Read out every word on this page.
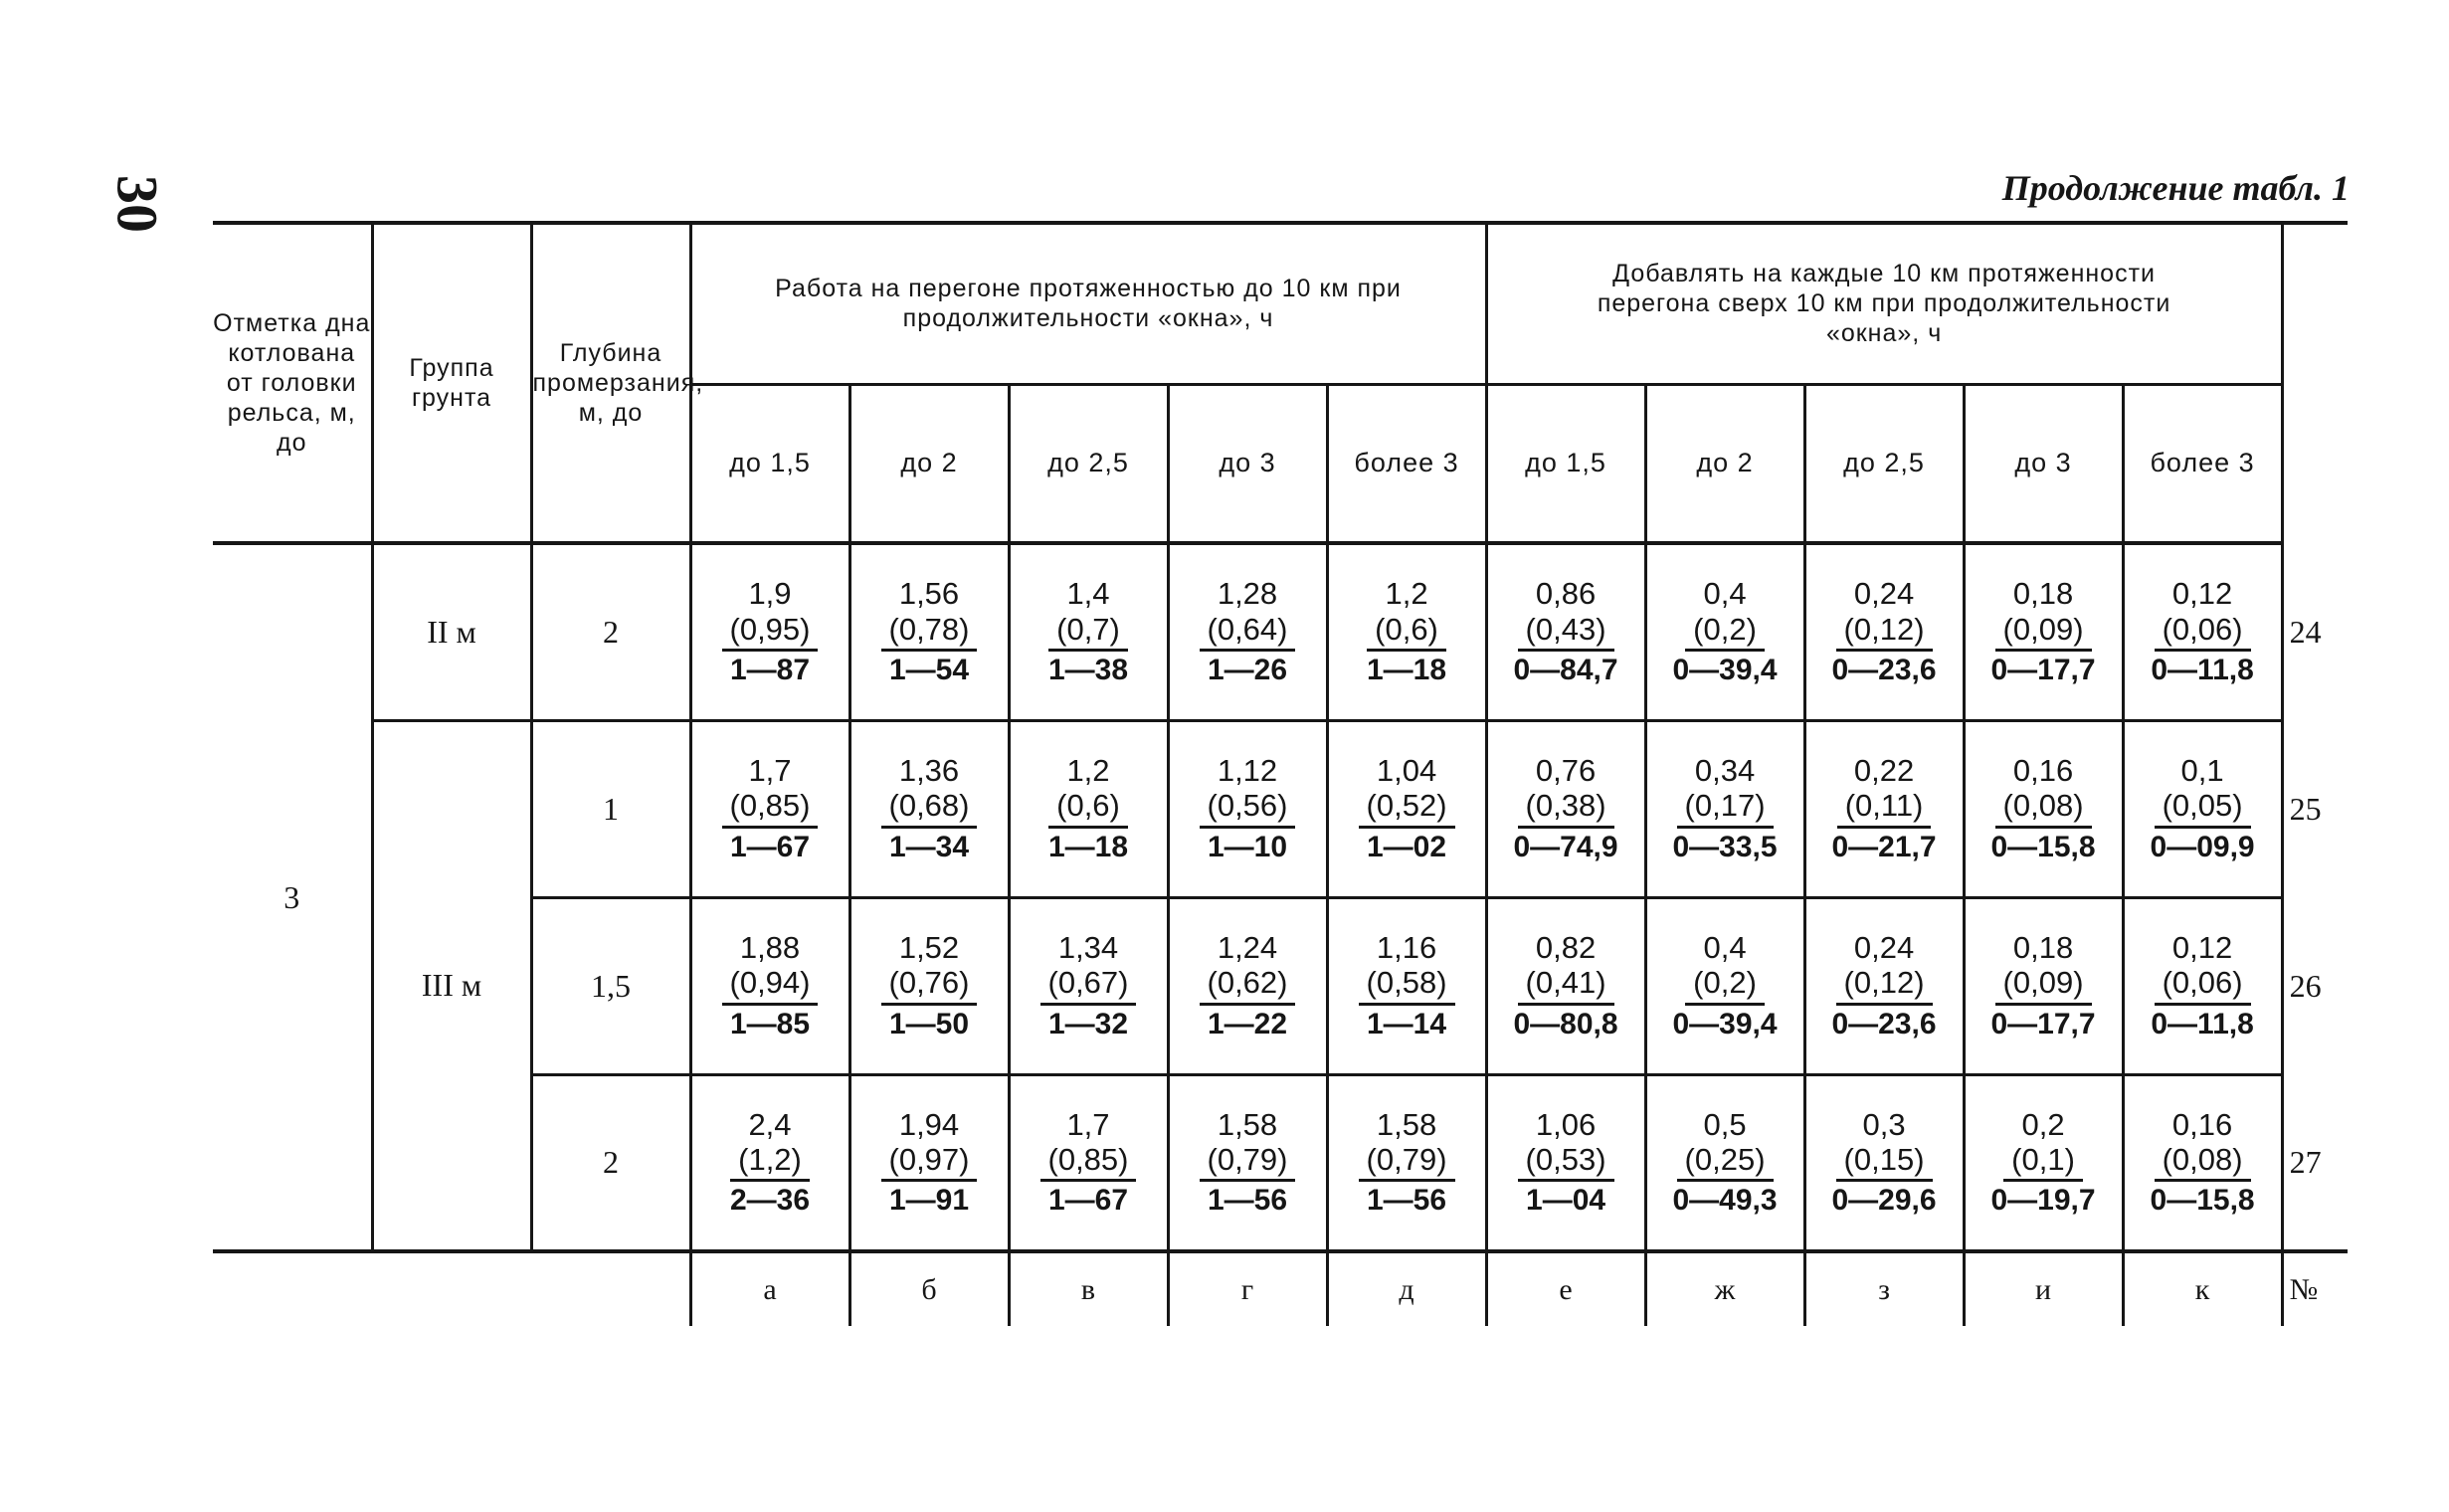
30	Продолжение табл. 1
Отметка дна котлована от головки рельса, м, до	Группа грунта	Глубина промерзания, м, до	Работа на перегоне протяженностью до 10 км при продолжительности «окна», ч					Добавлять на каждые 10 км протяженности перегона сверх 10 км при продолжительности «окна», ч					
			до 1,5	до 2	до 2,5	до 3	более 3	до 1,5	до 2	до 2,5	до 3	более 3	
3	II м	2	1,9
(0,95)
1—87	1,56
(0,78)
1—54	1,4
(0,7)
1—38	1,28
(0,64)
1—26	1,2
(0,6)
1—18	0,86
(0,43)
0—84,7	0,4
(0,2)
0—39,4	0,24
(0,12)
0—23,6	0,18
(0,09)
0—17,7	0,12
(0,06)
0—11,8	24
	III м	1	1,7
(0,85)
1—67	1,36
(0,68)
1—34	1,2
(0,6)
1—18	1,12
(0,56)
1—10	1,04
(0,52)
1—02	0,76
(0,38)
0—74,9	0,34
(0,17)
0—33,5	0,22
(0,11)
0—21,7	0,16
(0,08)
0—15,8	0,1
(0,05)
0—09,9	25
		1,5	1,88
(0,94)
1—85	1,52
(0,76)
1—50	1,34
(0,67)
1—32	1,24
(0,62)
1—22	1,16
(0,58)
1—14	0,82
(0,41)
0—80,8	0,4
(0,2)
0—39,4	0,24
(0,12)
0—23,6	0,18
(0,09)
0—17,7	0,12
(0,06)
0—11,8	26
		2	2,4
(1,2)
2—36	1,94
(0,97)
1—91	1,7
(0,85)
1—67	1,58
(0,79)
1—56	1,58
(0,79)
1—56	1,06
(0,53)
1—04	0,5
(0,25)
0—49,3	0,3
(0,15)
0—29,6	0,2
(0,1)
0—19,7	0,16
(0,08)
0—15,8	27
			а	б	в	г	д	е	ж	з	и	к	№
